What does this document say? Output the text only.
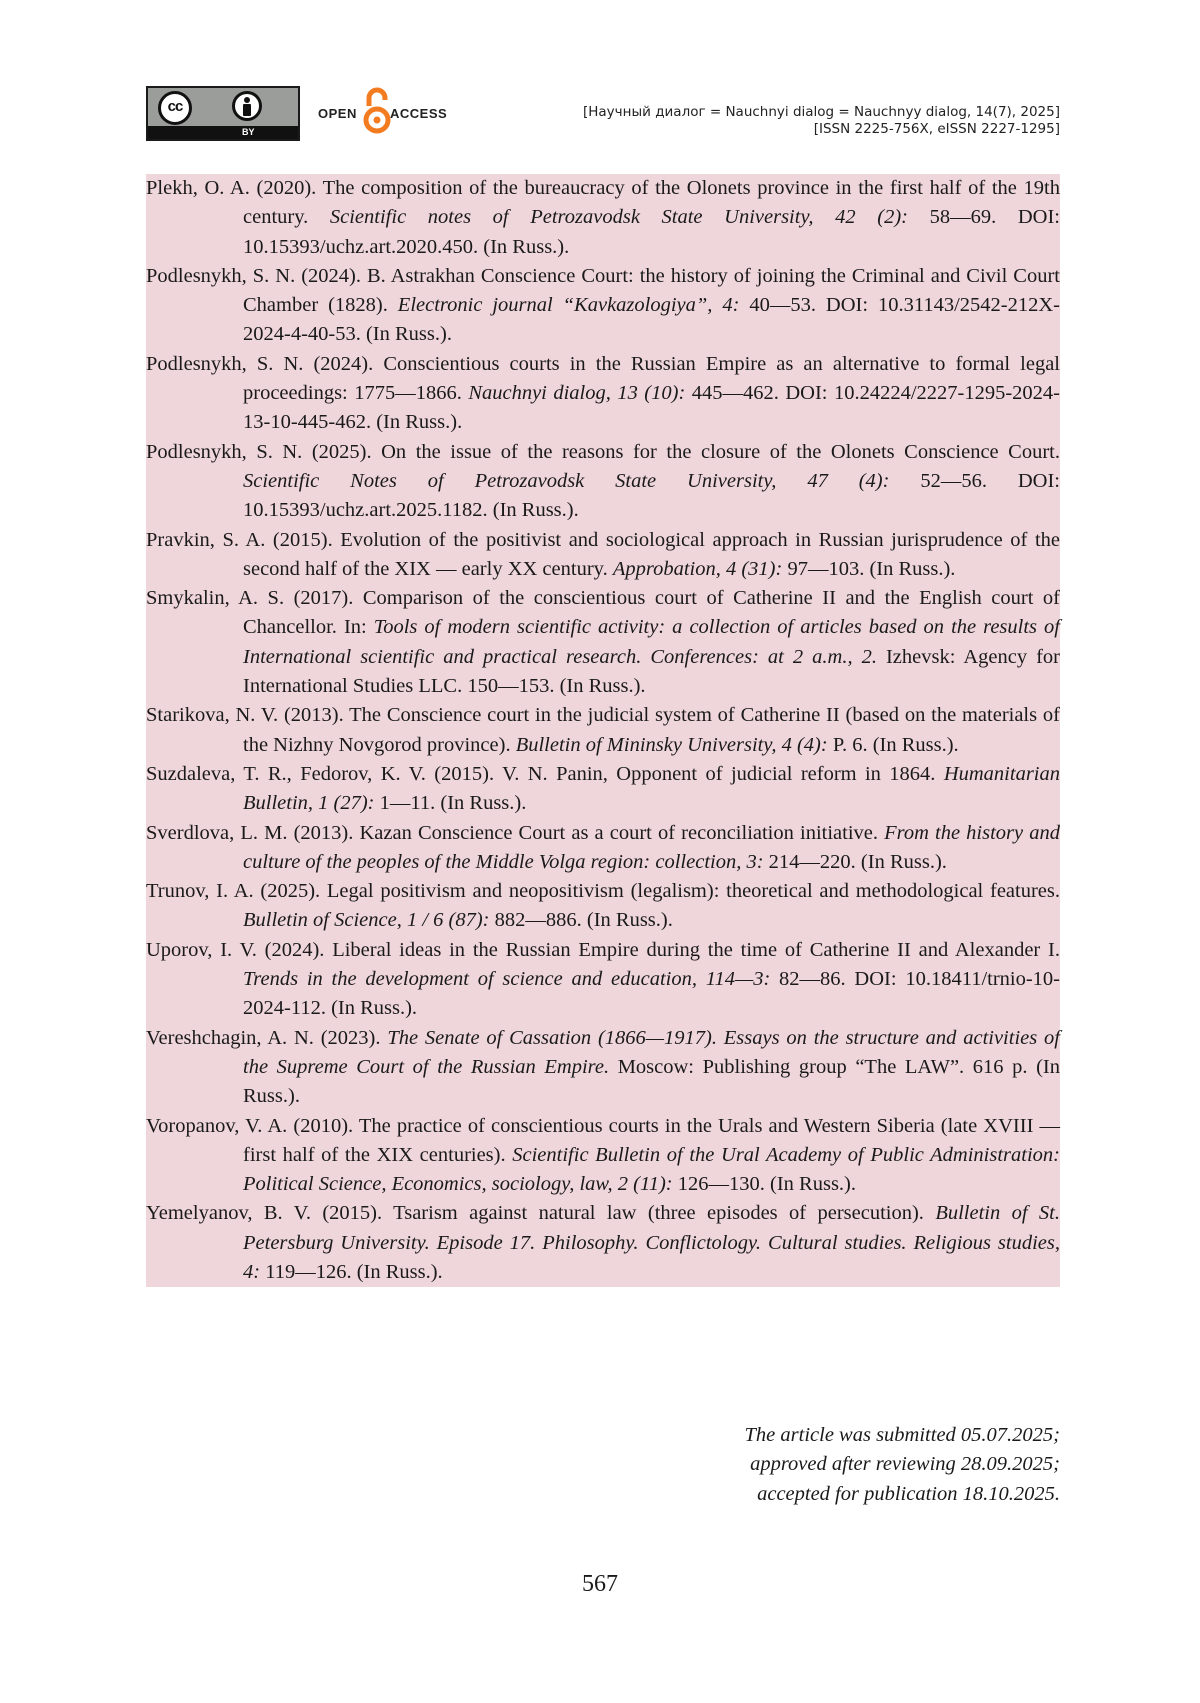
cc
BY
OPEN	ACCESS	[Научный диалог = Nauchnyi dialog = Nauchnyy dialog, 14(7), 2025]
[ISSN 2225-756X, eISSN 2227-1295]
Plekh, O. A. (2020). The composition of the bureaucracy of the Olonets province in the first half of the 19th century. Scientific notes of Petrozavodsk State University, 42 (2): 58—69. DOI: 10.15393/uchz.art.2020.450. (In Russ.).
Podlesnykh, S. N. (2024). B. Astrakhan Conscience Court: the history of joining the Criminal and Civil Court Chamber (1828). Electronic journal “Kavkazologiya”, 4: 40—53. DOI: 10.31143/2542-212X-2024-4-40-53. (In Russ.).
Podlesnykh, S. N. (2024). Conscientious courts in the Russian Empire as an alternative to formal legal proceedings: 1775—1866. Nauchnyi dialog, 13 (10): 445—462. DOI: 10.24224/2227-1295-2024-13-10-445-462. (In Russ.).
Podlesnykh, S. N. (2025). On the issue of the reasons for the closure of the Olonets Conscience Court. Scientific Notes of Petrozavodsk State University, 47 (4): 52—56. DOI: 10.15393/uchz.art.2025.1182. (In Russ.).
Pravkin, S. A. (2015). Evolution of the positivist and sociological approach in Russian jurisprudence of the second half of the XIX — early XX century. Approbation, 4 (31): 97—103. (In Russ.).
Smykalin, A. S. (2017). Comparison of the conscientious court of Catherine II and the English court of Chancellor. In: Tools of modern scientific activity: a collection of articles based on the results of International scientific and practical research. Conferences: at 2 a.m., 2. Izhevsk: Agency for International Studies LLC. 150—153. (In Russ.).
Starikova, N. V. (2013). The Conscience court in the judicial system of Catherine II (based on the materials of the Nizhny Novgorod province). Bulletin of Mininsky University, 4 (4): P. 6. (In Russ.).
Suzdaleva, T. R., Fedorov, K. V. (2015). V. N. Panin, Opponent of judicial reform in 1864. Humanitarian Bulletin, 1 (27): 1—11. (In Russ.).
Sverdlova, L. M. (2013). Kazan Conscience Court as a court of reconciliation initiative. From the history and culture of the peoples of the Middle Volga region: collection, 3: 214—220. (In Russ.).
Trunov, I. A. (2025). Legal positivism and neopositivism (legalism): theoretical and methodological features. Bulletin of Science, 1 / 6 (87): 882—886. (In Russ.).
Uporov, I. V. (2024). Liberal ideas in the Russian Empire during the time of Catherine II and Alexander I. Trends in the development of science and education, 114—3: 82—86. DOI: 10.18411/trnio-10-2024-112. (In Russ.).
Vereshchagin, A. N. (2023). The Senate of Cassation (1866—1917). Essays on the structure and activities of the Supreme Court of the Russian Empire. Moscow: Publishing group “The LAW”. 616 p. (In Russ.).
Voropanov, V. A. (2010). The practice of conscientious courts in the Urals and Western Siberia (late XVIII — first half of the XIX centuries). Scientific Bulletin of the Ural Academy of Public Administration: Political Science, Economics, sociology, law, 2 (11): 126—130. (In Russ.).
Yemelyanov, B. V. (2015). Tsarism against natural law (three episodes of persecution). Bulletin of St. Petersburg University. Episode 17. Philosophy. Conflictology. Cultural studies. Religious studies, 4: 119—126. (In Russ.).
The article was submitted 05.07.2025;
approved after reviewing 28.09.2025;
accepted for publication 18.10.2025.
567
